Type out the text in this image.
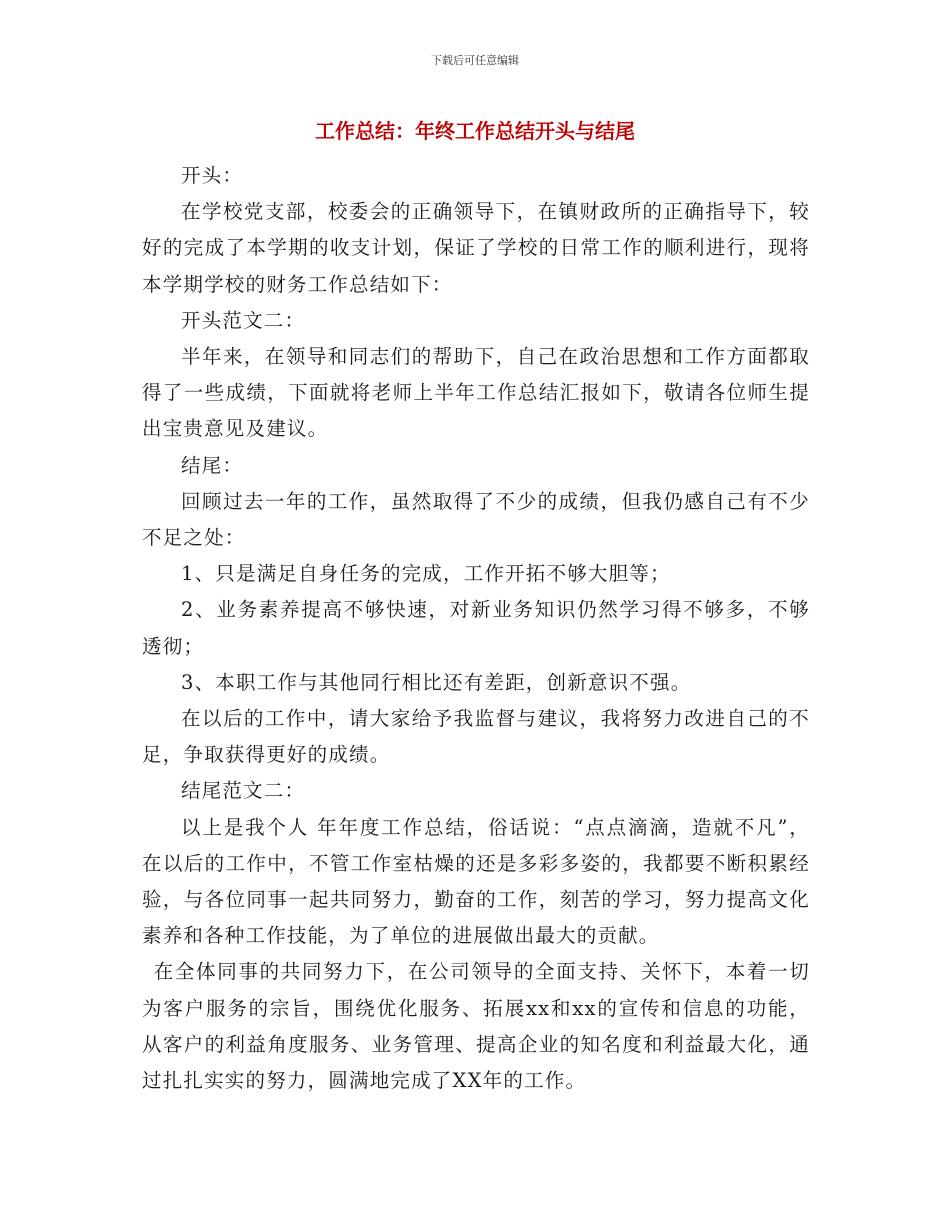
下载后可任意编辑
工作总结：年终工作总结开头与结尾

开头：

在学校党支部，校委会的正确领导下，在镇财政所的正确指导下，较好的完成了本学期的收支计划，保证了学校的日常工作的顺利进行，现将本学期学校的财务工作总结如下：

开头范文二：

半年来，在领导和同志们的帮助下，自己在政治思想和工作方面都取得了一些成绩，下面就将老师上半年工作总结汇报如下，敬请各位师生提出宝贵意见及建议。

结尾：

回顾过去一年的工作，虽然取得了不少的成绩，但我仍感自己有不少不足之处：

1、只是满足自身任务的完成，工作开拓不够大胆等；

2、业务素养提高不够快速，对新业务知识仍然学习得不够多，不够透彻；

3、本职工作与其他同行相比还有差距，创新意识不强。

在以后的工作中，请大家给予我监督与建议，我将努力改进自己的不足，争取获得更好的成绩。

结尾范文二：

以上是我个人 年年度工作总结，俗话说：“点点滴滴，造就不凡”，在以后的工作中，不管工作室枯燥的还是多彩多姿的，我都要不断积累经验，与各位同事一起共同努力，勤奋的工作，刻苦的学习，努力提高文化素养和各种工作技能，为了单位的进展做出最大的贡献。

在全体同事的共同努力下，在公司领导的全面支持、关怀下，本着一切为客户服务的宗旨，围绕优化服务、拓展xx和xx的宣传和信息的功能，从客户的利益角度服务、业务管理、提高企业的知名度和利益最大化，通过扎扎实实的努力，圆满地完成了XX年的工作。
